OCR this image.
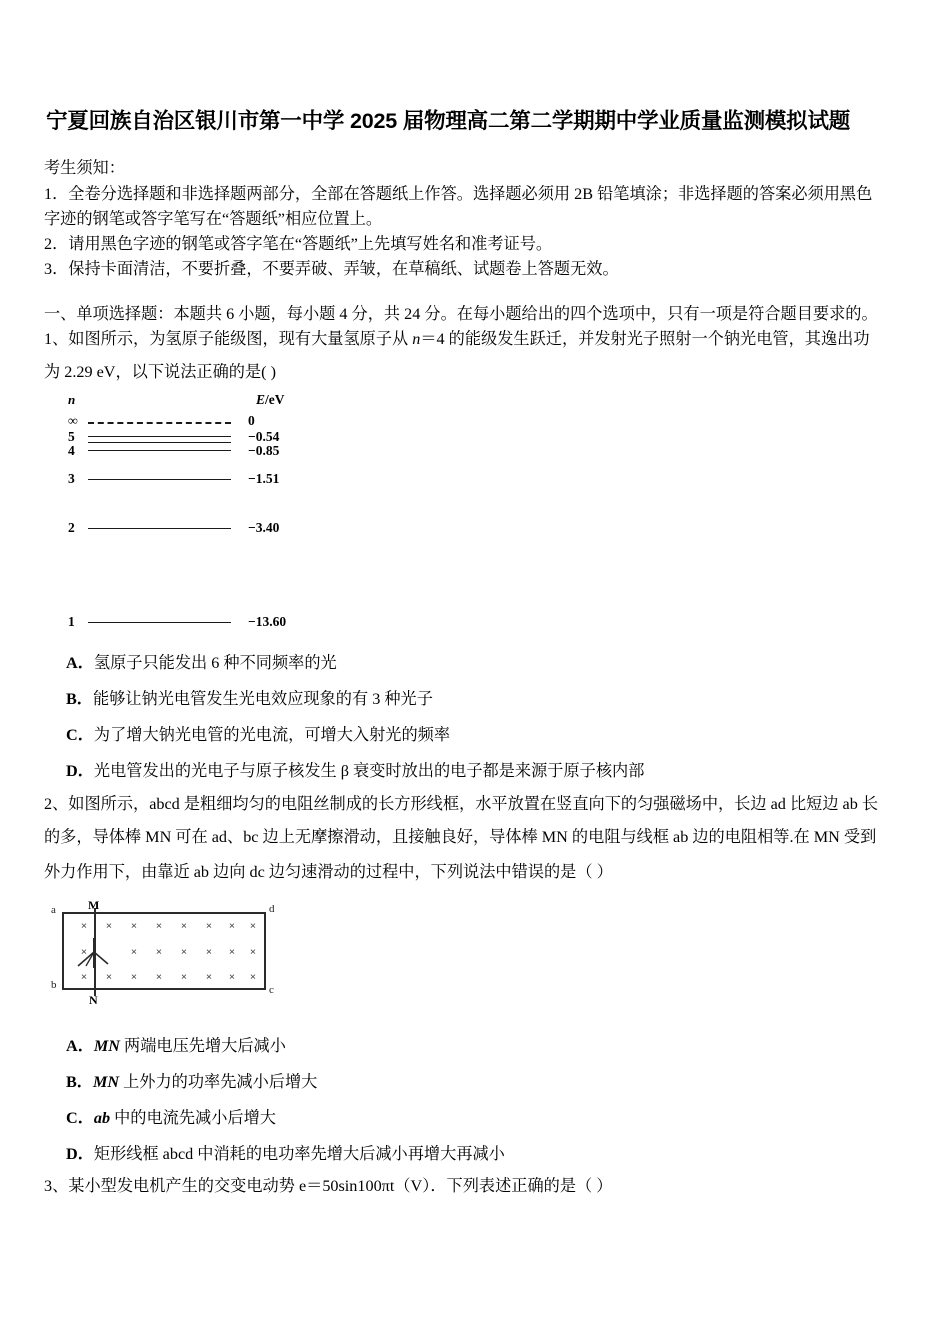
宁夏回族自治区银川市第一中学 2025 届物理高二第二学期期中学业质量监测模拟试题
考生须知：
1．全卷分选择题和非选择题两部分，全部在答题纸上作答。选择题必须用 2B 铅笔填涂；非选择题的答案必须用黑色
字迹的钢笔或答字笔写在“答题纸”相应位置上。
2．请用黑色字迹的钢笔或答字笔在“答题纸”上先填写姓名和准考证号。
3．保持卡面清洁，不要折叠，不要弄破、弄皱，在草稿纸、试题卷上答题无效。
一、单项选择题：本题共 6 小题，每小题 4 分，共 24 分。在每小题给出的四个选项中，只有一项是符合题目要求的。
1、如图所示，为氢原子能级图，现有大量氢原子从 n＝4 的能级发生跃迁，并发射光子照射一个钠光电管，其逸出功
为 2.29 eV，以下说法正确的是( )
n	E/eV
∞	0
5	−0.54
4	−0.85
3	−1.51
2	−3.40
1	−13.60
A．氢原子只能发出 6 种不同频率的光
B．能够让钠光电管发生光电效应现象的有 3 种光子
C．为了增大钠光电管的光电流，可增大入射光的频率
D．光电管发出的光电子与原子核发生 β 衰变时放出的电子都是来源于原子核内部
2、如图所示，abcd 是粗细均匀的电阻丝制成的长方形线框，水平放置在竖直向下的匀强磁场中，长边 ad 比短边 ab 长
的多，导体棒 MN 可在 ad、bc 边上无摩擦滑动，且接触良好，导体棒 MN 的电阻与线框 ab 边的电阻相等.在 MN 受到
外力作用下，由靠近 ab 边向 dc 边匀速滑动的过程中，下列说法中错误的是（ ）
× × × × × × × ×
×	× × × × × ×
× × × × × × × ×
a	d
b	c
M
N
A．MN 两端电压先增大后减小
B．MN 上外力的功率先减小后增大
C．ab 中的电流先减小后增大
D．矩形线框 abcd 中消耗的电功率先增大后减小再增大再减小
3、某小型发电机产生的交变电动势 e＝50sin100πt（V）．下列表述正确的是（ ）
